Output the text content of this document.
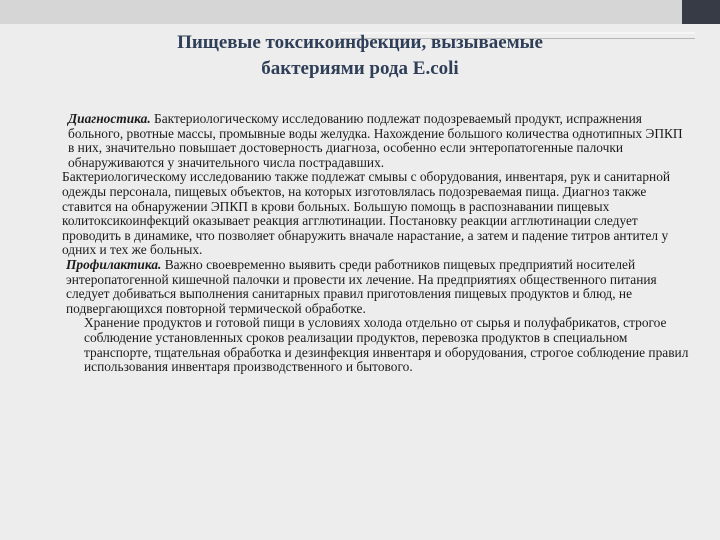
Пищевые токсикоинфекции, вызываемые
бактериями рода E.coli

Диагностика. Бактериологическому исследованию подлежат подозреваемый продукт, испражнения больного, рвотные массы, промывные воды желудка. Нахождение большого количества однотипных ЭПКП в них, значительно повышает достоверность диагноза, особенно если энтеропатогенные палочки обнаруживаются у значительного числа пострадавших.

Бактериологическому исследованию также подлежат смывы с оборудования, инвентаря, рук и санитарной одежды персонала, пищевых объектов, на которых изготовлялась подозреваемая пища. Диагноз также ставится на обнаружении ЭПКП в крови больных. Большую помощь в распознавании пищевых колитоксикоинфекций оказывает реакция агглютинации. Постановку реакции агглютинации следует проводить в динамике, что позволяет обнаружить вначале нарастание, а затем и падение титров антител у одних и тех же больных.

Профилактика. Важно своевременно выявить среди работников пищевых предприятий носителей энтеропатогенной кишечной палочки и провести их лечение. На предприятиях общественного питания следует добиваться выполнения санитарных правил приготовления пищевых продуктов и блюд, не подвергающихся повторной термической обработке.

Хранение продуктов и готовой пищи в условиях холода отдельно от сырья и полуфабрикатов, строгое соблюдение установленных сроков реализации продуктов, перевозка продуктов в специальном транспорте, тщательная обработка и дезинфекция инвентаря и оборудования, строгое соблюдение правил использования инвентаря производственного и бытового.
